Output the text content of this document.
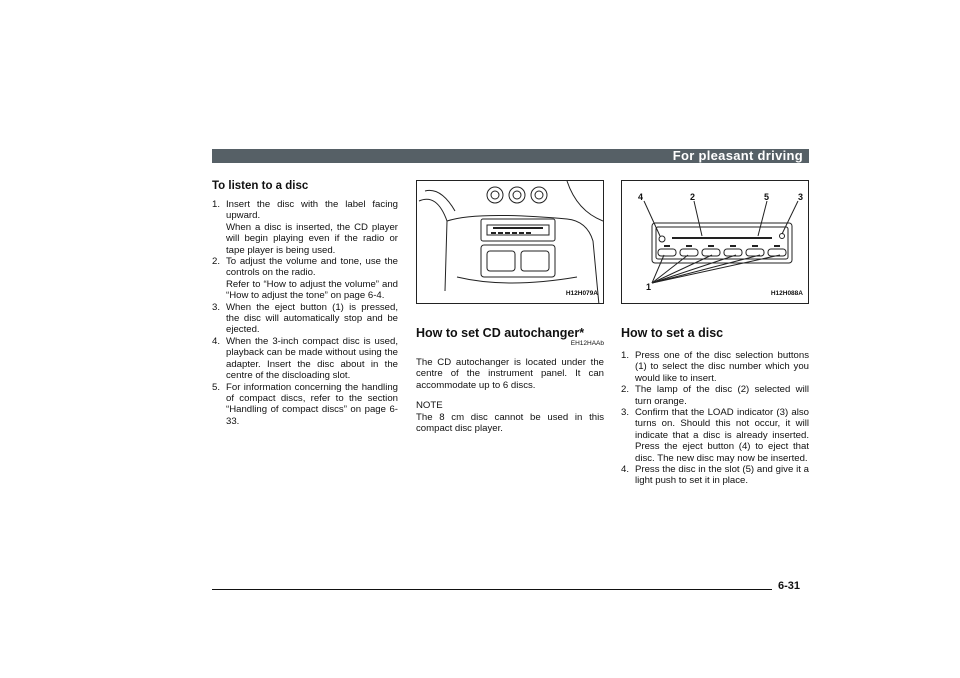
For pleasant driving
To listen to a disc
1. Insert the disc with the label facing upward.
When a disc is inserted, the CD player will begin playing even if the radio or tape player is being used.
2. To adjust the volume and tone, use the controls on the radio.
Refer to “How to adjust the volume” and “How to adjust the tone” on page 6-4.
3. When the eject button (1) is pressed, the disc will automatically stop and be ejected.
4. When the 3-inch compact disc is used, playback can be made without using the adapter. Insert the disc about in the centre of the discloading slot.
5. For information concerning the handling of compact discs, refer to the section “Handling of compact discs” on page 6-33.
H12H079A
How to set CD autochanger*
EH12HAAb
The CD autochanger is located under the centre of the instrument panel. It can accommodate up to 6 discs.
NOTE
The 8 cm disc cannot be used in this compact disc player.
4	2	5	3
1
H12H088A
How to set a disc
1. Press one of the disc selection buttons (1) to select the disc number which you would like to insert.
2. The lamp of the disc (2) selected will turn orange.
3. Confirm that the LOAD indicator (3) also turns on. Should this not occur, it will indicate that a disc is already inserted. Press the eject button (4) to eject that disc. The new disc may now be inserted.
4. Press the disc in the slot (5) and give it a light push to set it in place.
6-31
